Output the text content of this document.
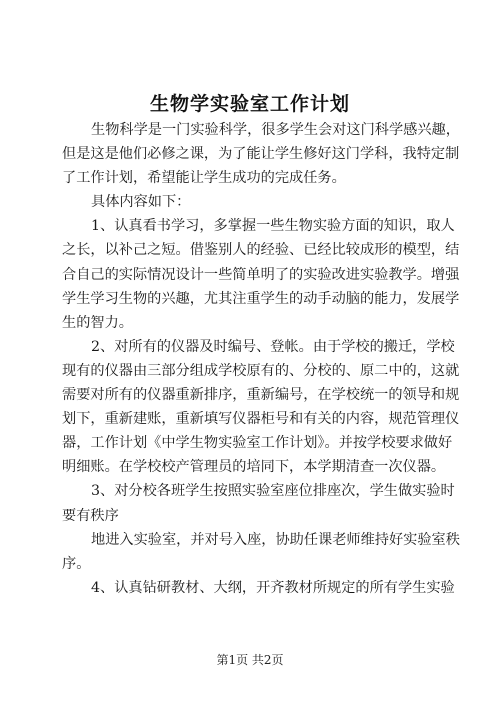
生物学实验室工作计划
生物科学是一门实验科学，很多学生会对这门科学感兴趣，
但是这是他们必修之课，为了能让学生修好这门学科，我特定制
了工作计划，希望能让学生成功的完成任务。
具体内容如下：
1、认真看书学习，多掌握一些生物实验方面的知识，取人
之长，以补己之短。借鉴别人的经验、已经比较成形的模型，结
合自己的实际情况设计一些简单明了的实验改进实验教学。增强
学生学习生物的兴趣，尤其注重学生的动手动脑的能力，发展学
生的智力。
2、对所有的仪器及时编号、登帐。由于学校的搬迁，学校
现有的仪器由三部分组成学校原有的、分校的、原二中的，这就
需要对所有的仪器重新排序，重新编号，在学校统一的领导和规
划下，重新建账，重新填写仪器柜号和有关的内容，规范管理仪
器，工作计划《中学生物实验室工作计划》。并按学校要求做好
明细账。在学校校产管理员的培同下，本学期清查一次仪器。
3、对分校各班学生按照实验室座位排座次，学生做实验时
要有秩序
地进入实验室，并对号入座，协助任课老师维持好实验室秩
序。
4、认真钻研教材、大纲，开齐教材所规定的所有学生实验
第1页 共2页
